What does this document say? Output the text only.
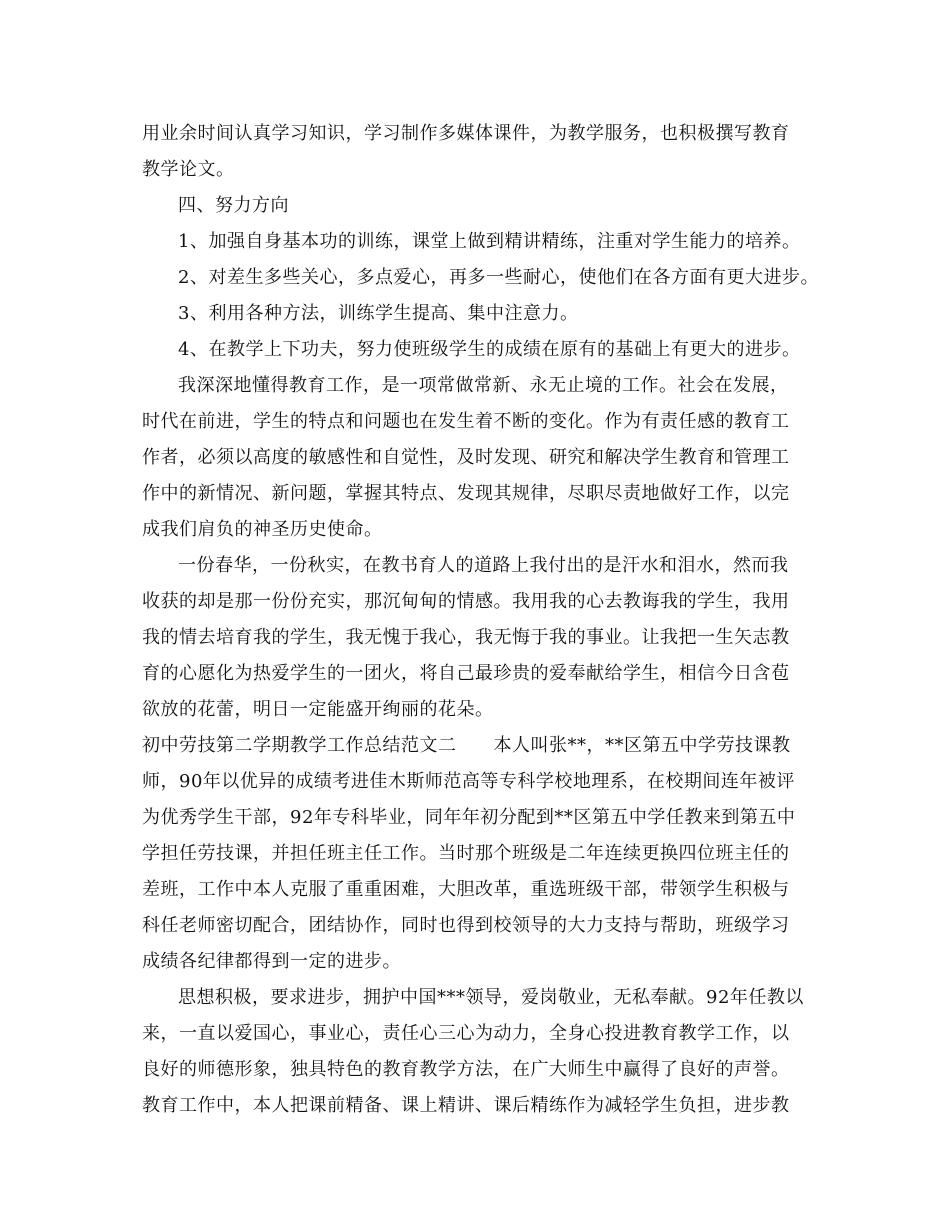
用业余时间认真学习知识，学习制作多媒体课件，为教学服务，也积极撰写教育
教学论文。
四、努力方向
1、加强自身基本功的训练，课堂上做到精讲精练，注重对学生能力的培养。
2、对差生多些关心，多点爱心，再多一些耐心，使他们在各方面有更大进步。
3、利用各种方法，训练学生提高、集中注意力。
4、在教学上下功夫，努力使班级学生的成绩在原有的基础上有更大的进步。
我深深地懂得教育工作，是一项常做常新、永无止境的工作。社会在发展，
时代在前进，学生的特点和问题也在发生着不断的变化。作为有责任感的教育工
作者，必须以高度的敏感性和自觉性，及时发现、研究和解决学生教育和管理工
作中的新情况、新问题，掌握其特点、发现其规律，尽职尽责地做好工作，以完
成我们肩负的神圣历史使命。
一份春华，一份秋实，在教书育人的道路上我付出的是汗水和泪水，然而我
收获的却是那一份份充实，那沉甸甸的情感。我用我的心去教诲我的学生，我用
我的情去培育我的学生，我无愧于我心，我无悔于我的事业。让我把一生矢志教
育的心愿化为热爱学生的一团火，将自己最珍贵的爱奉献给学生，相信今日含苞
欲放的花蕾，明日一定能盛开绚丽的花朵。
初中劳技第二学期教学工作总结范文二　　本人叫张**，**区第五中学劳技课教
师，90年以优异的成绩考进佳木斯师范高等专科学校地理系，在校期间连年被评
为优秀学生干部，92年专科毕业，同年年初分配到**区第五中学任教来到第五中
学担任劳技课，并担任班主任工作。当时那个班级是二年连续更换四位班主任的
差班，工作中本人克服了重重困难，大胆改革，重选班级干部，带领学生积极与
科任老师密切配合，团结协作，同时也得到校领导的大力支持与帮助，班级学习
成绩各纪律都得到一定的进步。
思想积极，要求进步，拥护中国***领导，爱岗敬业，无私奉献。92年任教以
来，一直以爱国心，事业心，责任心三心为动力，全身心投进教育教学工作，以
良好的师德形象，独具特色的教育教学方法，在广大师生中赢得了良好的声誉。
教育工作中，本人把课前精备、课上精讲、课后精练作为减轻学生负担，进步教
